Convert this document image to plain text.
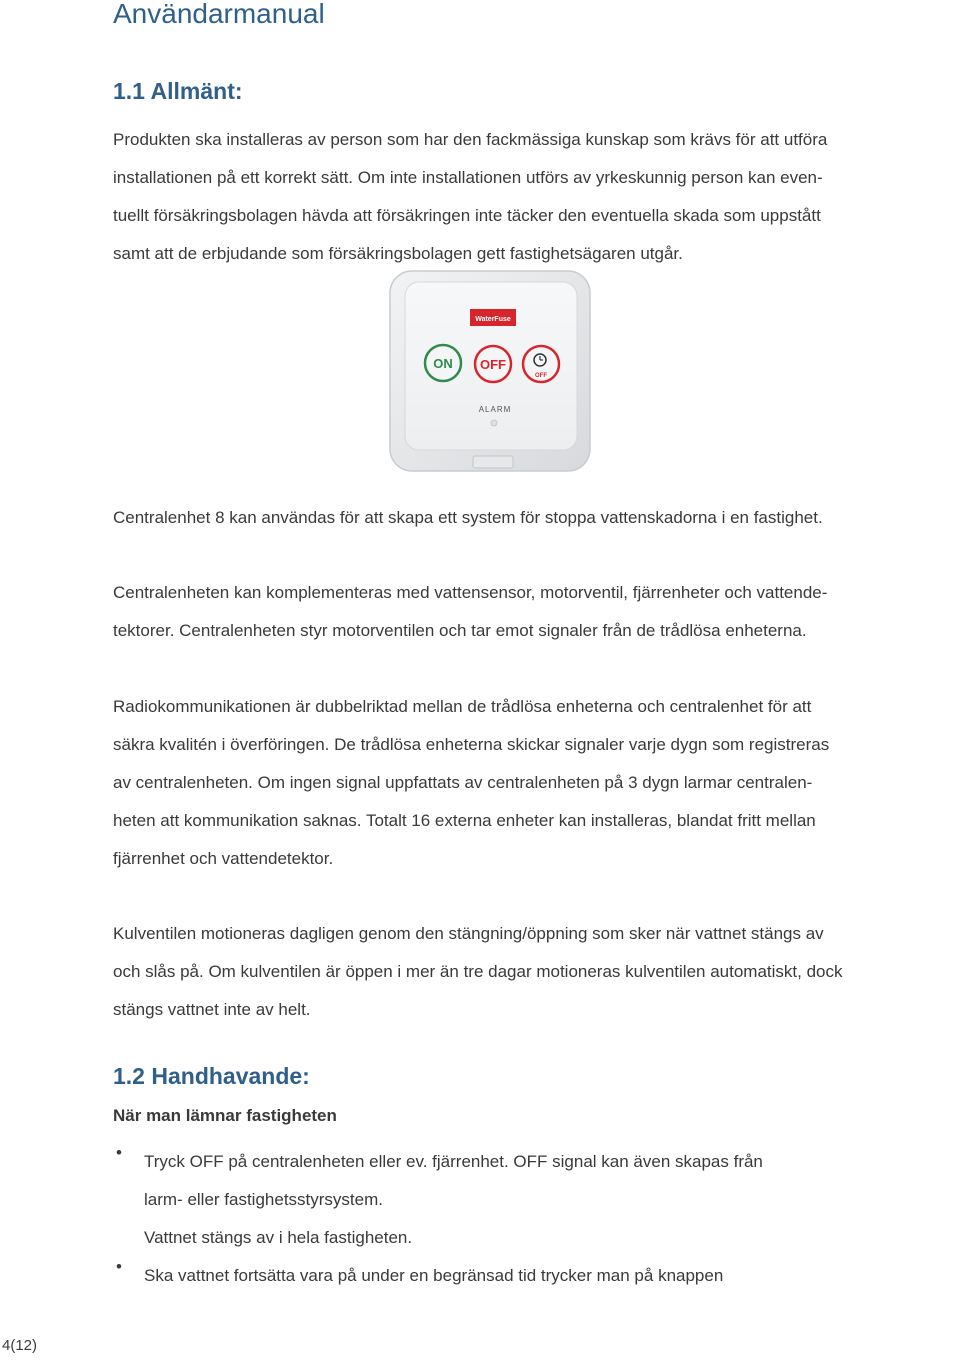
Användarmanual
1.1 Allmänt:
Produkten ska installeras av person som har den fackmässiga kunskap som krävs för att utföra
installationen på ett korrekt sätt. Om inte installationen utförs av yrkeskunnig person kan even-
tuellt försäkringsbolagen hävda att försäkringen inte täcker den eventuella skada som uppstått
samt att de erbjudande som försäkringsbolagen gett fastighetsägaren utgår.
WaterFuse
ON OFF
OFF
ALARM
Centralenhet 8 kan användas för att skapa ett system för stoppa vattenskadorna i en fastighet.
Centralenheten kan komplementeras med vattensensor, motorventil, fjärrenheter och vattende-
tektorer. Centralenheten styr motorventilen och tar emot signaler från de trådlösa enheterna.
Radiokommunikationen är dubbelriktad mellan de trådlösa enheterna och centralenhet för att
säkra kvalitén i överföringen. De trådlösa enheterna skickar signaler varje dygn som registreras
av centralenheten. Om ingen signal uppfattats av centralenheten på 3 dygn larmar centralen-
heten att kommunikation saknas. Totalt 16 externa enheter kan installeras, blandat fritt mellan
fjärrenhet och vattendetektor.
Kulventilen motioneras dagligen genom den stängning/öppning som sker när vattnet stängs av
och slås på. Om kulventilen är öppen i mer än tre dagar motioneras kulventilen automatiskt, dock
stängs vattnet inte av helt.
1.2 Handhavande:
När man lämnar fastigheten
• Tryck OFF på centralenheten eller ev. fjärrenhet. OFF signal kan även skapas från
larm- eller fastighetsstyrsystem.
Vattnet stängs av i hela fastigheten.
• Ska vattnet fortsätta vara på under en begränsad tid trycker man på knappen
4(12)
